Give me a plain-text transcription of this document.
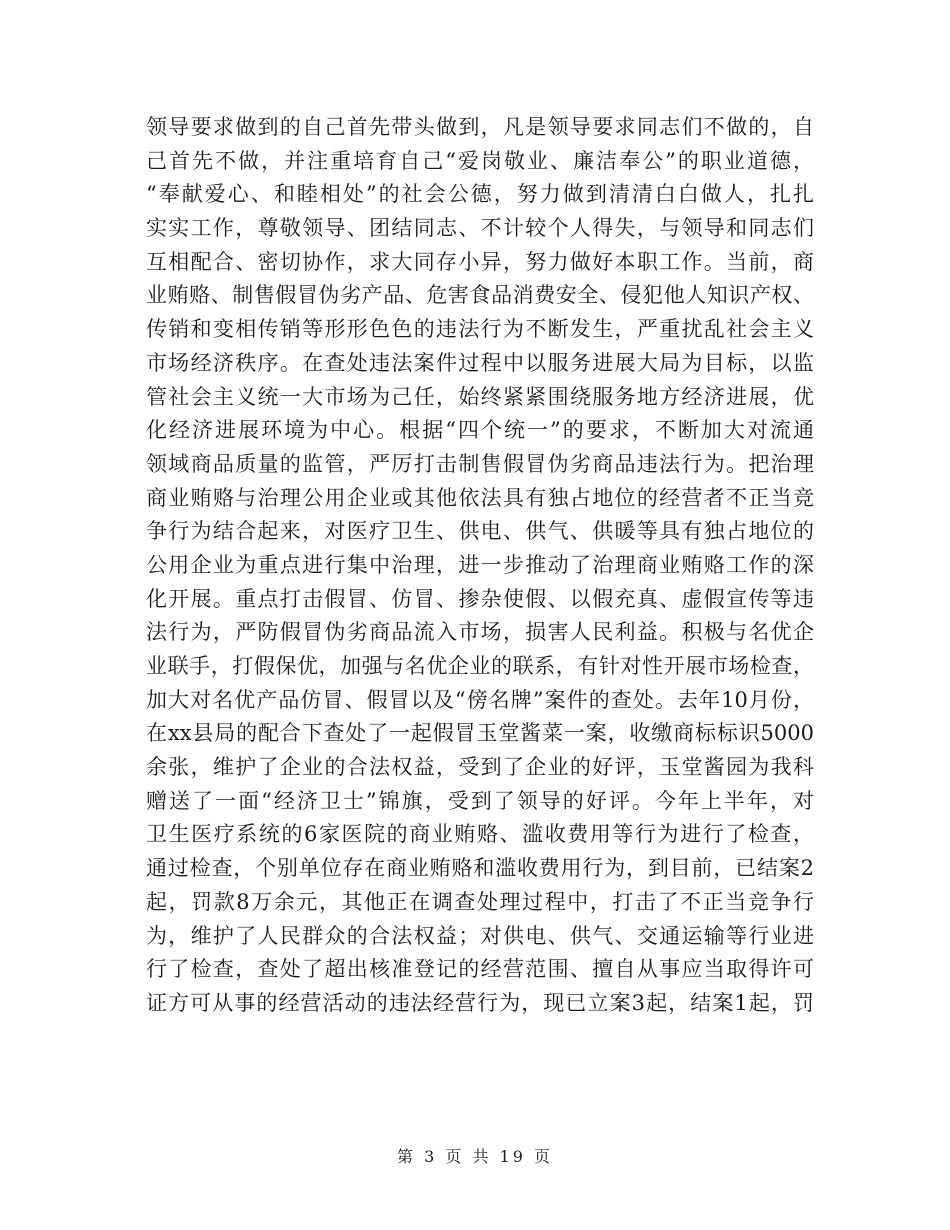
领导要求做到的自己首先带头做到，凡是领导要求同志们不做的，自
己首先不做，并注重培育自己“爱岗敬业、廉洁奉公”的职业道德，
“奉献爱心、和睦相处”的社会公德，努力做到清清白白做人，扎扎
实实工作，尊敬领导、团结同志、不计较个人得失，与领导和同志们
互相配合、密切协作，求大同存小异，努力做好本职工作。当前，商
业贿赂、制售假冒伪劣产品、危害食品消费安全、侵犯他人知识产权、
传销和变相传销等形形色色的违法行为不断发生，严重扰乱社会主义
市场经济秩序。在查处违法案件过程中以服务进展大局为目标，以监
管社会主义统一大市场为己任，始终紧紧围绕服务地方经济进展，优
化经济进展环境为中心。根据“四个统一”的要求，不断加大对流通
领域商品质量的监管，严厉打击制售假冒伪劣商品违法行为。把治理
商业贿赂与治理公用企业或其他依法具有独占地位的经营者不正当竞
争行为结合起来，对医疗卫生、供电、供气、供暖等具有独占地位的
公用企业为重点进行集中治理，进一步推动了治理商业贿赂工作的深
化开展。重点打击假冒、仿冒、掺杂使假、以假充真、虚假宣传等违
法行为，严防假冒伪劣商品流入市场，损害人民利益。积极与名优企
业联手，打假保优，加强与名优企业的联系，有针对性开展市场检查，
加大对名优产品仿冒、假冒以及“傍名牌”案件的查处。去年10月份，
在xx县局的配合下查处了一起假冒玉堂酱菜一案，收缴商标标识5000
余张，维护了企业的合法权益，受到了企业的好评，玉堂酱园为我科
赠送了一面“经济卫士”锦旗，受到了领导的好评。今年上半年，对
卫生医疗系统的6家医院的商业贿赂、滥收费用等行为进行了检查，
通过检查，个别单位存在商业贿赂和滥收费用行为，到目前，已结案2
起，罚款8万余元，其他正在调查处理过程中，打击了不正当竞争行
为，维护了人民群众的合法权益；对供电、供气、交通运输等行业进
行了检查，查处了超出核准登记的经营范围、擅自从事应当取得许可
证方可从事的经营活动的违法经营行为，现已立案3起，结案1起，罚
第 3 页 共 19 页
